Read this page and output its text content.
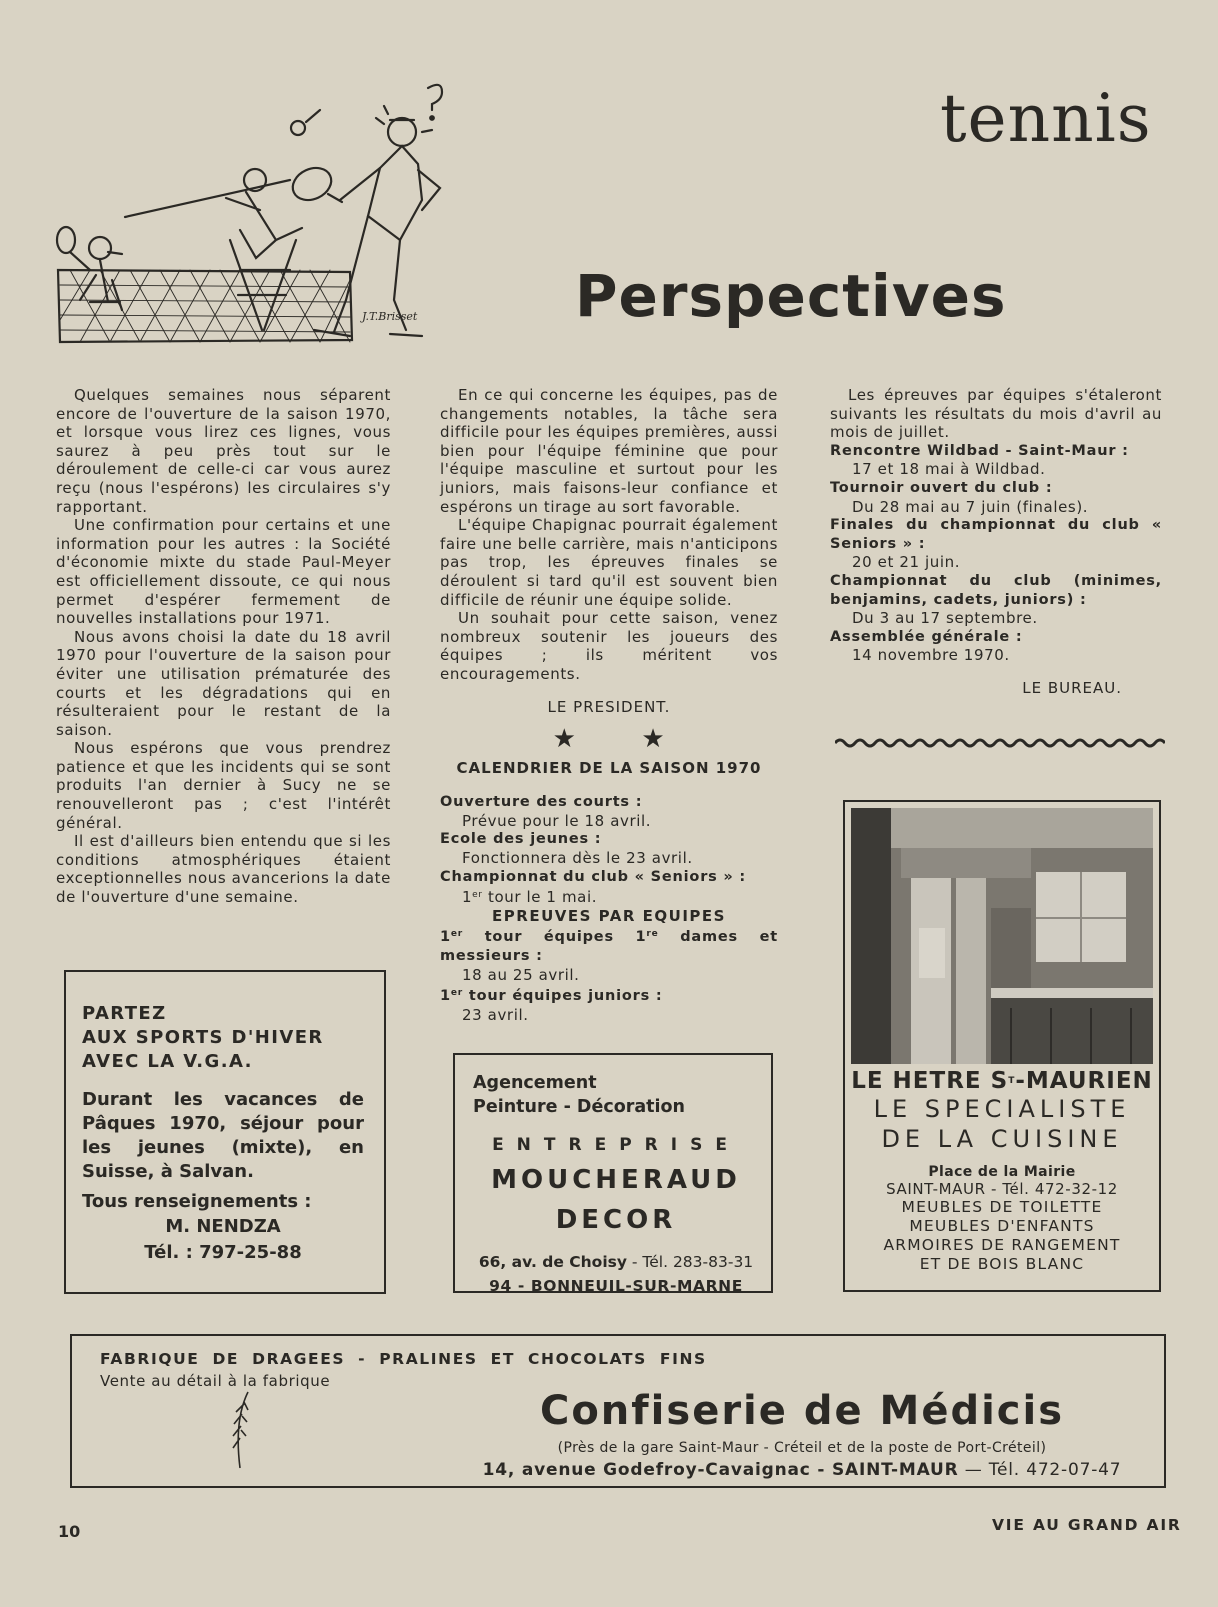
tennis
J.T.Brisset	Perspectives

Quelques semaines nous séparent encore de l'ouverture de la saison 1970, et lorsque vous lirez ces lignes, vous saurez à peu près tout sur le déroulement de celle-ci car vous aurez reçu (nous l'espérons) les circulaires s'y rapportant.

Une confirmation pour certains et une information pour les autres : la Société d'économie mixte du stade Paul-Meyer est officiellement dissoute, ce qui nous permet d'espérer fermement de nouvelles installations pour 1971.

Nous avons choisi la date du 18 avril 1970 pour l'ouverture de la saison pour éviter une utilisation prématurée des courts et les dégradations qui en résulteraient pour le restant de la saison.

Nous espérons que vous prendrez patience et que les incidents qui se sont produits l'an dernier à Sucy ne se renouvelleront pas ; c'est l'intérêt général.

Il est d'ailleurs bien entendu que si les conditions atmosphériques étaient exceptionnelles nous avancerions la date de l'ouverture d'une semaine.

En ce qui concerne les équipes, pas de changements notables, la tâche sera difficile pour les équipes premières, aussi bien pour l'équipe féminine que pour l'équipe masculine et surtout pour les juniors, mais faisons-leur confiance et espérons un tirage au sort favorable.

L'équipe Chapignac pourrait également faire une belle carrière, mais n'anticipons pas trop, les épreuves finales se déroulent si tard qu'il est souvent bien difficile de réunir une équipe solide.

Un souhait pour cette saison, venez nombreux soutenir les joueurs des équipes ; ils méritent vos encouragements.

LE PRESIDENT.
★ ★
CALENDRIER DE LA SAISON 1970
Ouverture des courts :
Prévue pour le 18 avril.
Ecole des jeunes :
Fonctionnera dès le 23 avril.
Championnat du club « Seniors » :
1er tour le 1 mai.
EPREUVES PAR EQUIPES
1er tour équipes 1re dames et messieurs :
18 au 25 avril.
1er tour équipes juniors :
23 avril.

Les épreuves par équipes s'étaleront suivants les résultats du mois d'avril au mois de juillet.

Rencontre Wildbad - Saint-Maur :
17 et 18 mai à Wildbad.
Tournoir ouvert du club :
Du 28 mai au 7 juin (finales).
Finales du championnat du club « Seniors » :
20 et 21 juin.
Championnat du club (minimes, benjamins, cadets, juniors) :
Du 3 au 17 septembre.
Assemblée générale :
14 novembre 1970.
LE BUREAU.
PARTEZ
AUX SPORTS D'HIVER
AVEC LA V.G.A.
Durant les vacances de Pâques 1970, séjour pour les jeunes (mixte), en Suisse, à Salvan.
Tous renseignements :
M. NENDZA
Tél. : 797-25-88
Agencement
Peinture - Décoration
ENTREPRISE
MOUCHERAUD
DECOR
66, av. de Choisy - Tél. 283-83-31
94 - BONNEUIL-SUR-MARNE
LE HETRE $S^T$-MAURIEN
LE SPECIALISTE
DE LA CUISINE
Place de la Mairie
SAINT-MAUR - Tél. 472-32-12
MEUBLES DE TOILETTE
MEUBLES D'ENFANTS
ARMOIRES DE RANGEMENT
ET DE BOIS BLANC
FABRIQUE DE DRAGEES - PRALINES ET CHOCOLATS FINS
Vente au détail à la fabrique
Confiserie de Médicis
(Près de la gare Saint-Maur - Créteil et de la poste de Port-Créteil)
14, avenue Godefroy-Cavaignac - SAINT-MAUR — Tél. 472-07-47
10	VIE AU GRAND AIR
